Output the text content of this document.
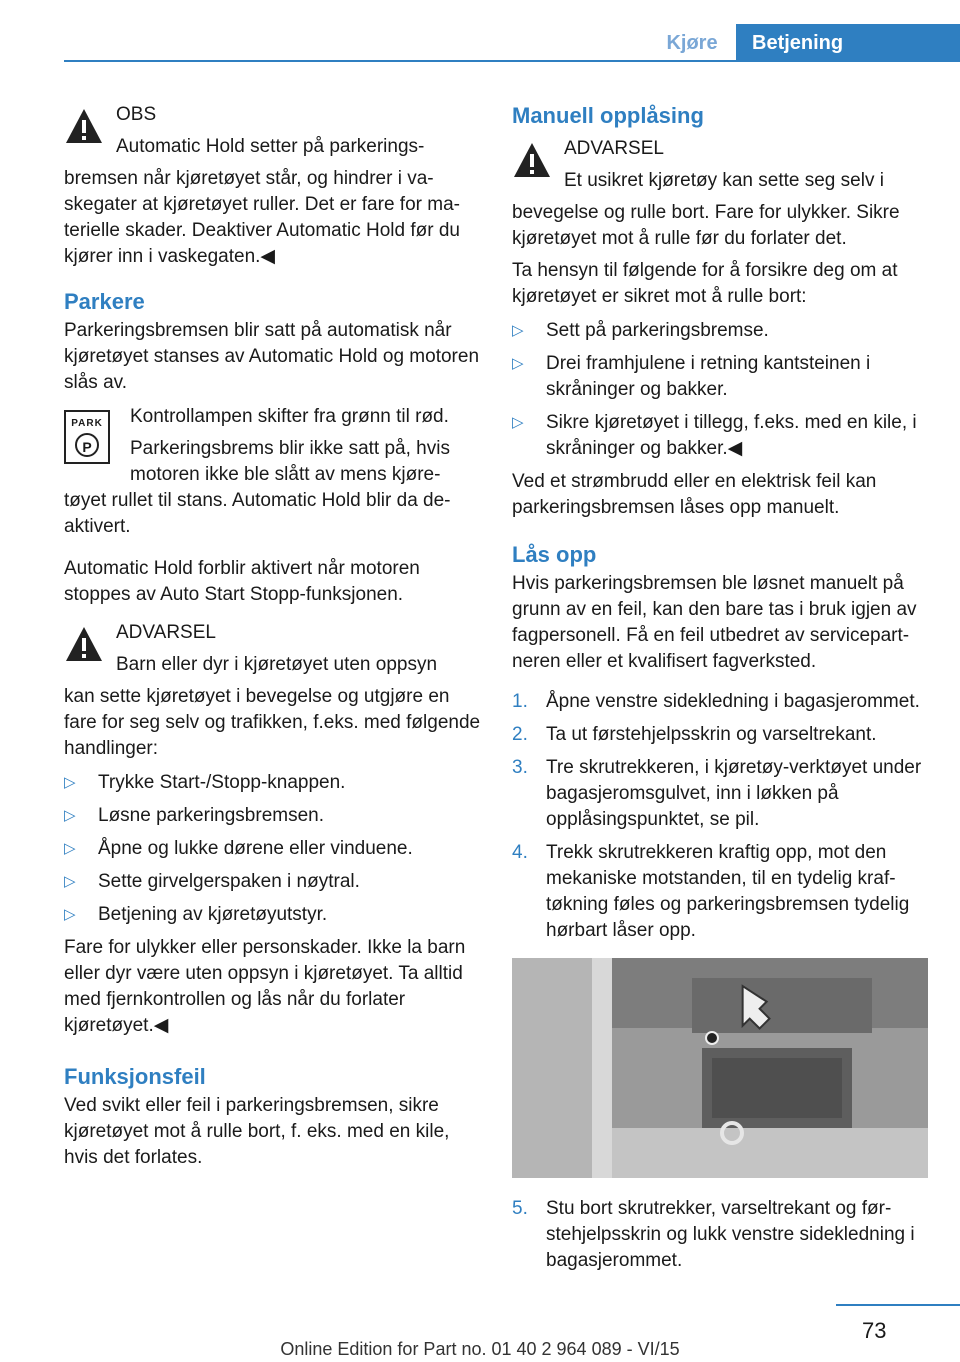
Kjøre	Betjening

OBS

Automatic Hold setter på parkerings-

bremsen når kjøretøyet står, og hindrer i vaskegater at kjøretøyet ruller. Det er fare for materielle skader. Deaktiver Automatic Hold før du kjører inn i vaskegaten.◀

Parkere

Parkeringsbremsen blir satt på automatisk når kjøretøyet stanses av Automatic Hold og motoren slås av.

PARK
P

Kontrollampen skifter fra grønn til rød.

Parkeringsbrems blir ikke satt på, hvis

motoren ikke ble slått av mens kjøre-

tøyet rullet til stans. Automatic Hold blir da deaktivert.

Automatic Hold forblir aktivert når motoren stoppes av Auto Start Stopp-funksjonen.

ADVARSEL

Barn eller dyr i kjøretøyet uten oppsyn

kan sette kjøretøyet i bevegelse og utgjøre en fare for seg selv og trafikken, f.eks. med følgende handlinger:

▷ Trykke Start-/Stopp-knappen.
▷ Løsne parkeringsbremsen.
▷ Åpne og lukke dørene eller vinduene.
▷ Sette girvelgerspaken i nøytral.
▷ Betjening av kjøretøyutstyr.

Fare for ulykker eller personskader. Ikke la barn eller dyr være uten oppsyn i kjøretøyet. Ta alltid med fjernkontrollen og lås når du forlater kjøretøyet.◀

Funksjonsfeil

Ved svikt eller feil i parkeringsbremsen, sikre kjøretøyet mot å rulle bort, f. eks. med en kile, hvis det forlates.

Manuell opplåsing

ADVARSEL

Et usikret kjøretøy kan sette seg selv i

bevegelse og rulle bort. Fare for ulykker. Sikre kjøretøyet mot å rulle før du forlater det.

Ta hensyn til følgende for å forsikre deg om at kjøretøyet er sikret mot å rulle bort:

▷ Sett på parkeringsbremse.
▷ Drei framhjulene i retning kantsteinen i skråninger og bakker.
▷ Sikre kjøretøyet i tillegg, f.eks. med en kile, i skråninger og bakker.◀

Ved et strømbrudd eller en elektrisk feil kan parkeringsbremsen låses opp manuelt.

Lås opp

Hvis parkeringsbremsen ble løsnet manuelt på grunn av en feil, kan den bare tas i bruk igjen av fagpersonell. Få en feil utbedret av servicepartneren eller et kvalifisert fagverksted.

1. Åpne venstre sidekledning i bagasjerommet.
2. Ta ut førstehjelpsskrin og varseltrekant.
3. Tre skrutrekkeren, i kjøretøy-verktøyet under bagasjeromsgulvet, inn i løkken på opplåsingspunktet, se pil.
4. Trekk skrutrekkeren kraftig opp, mot den mekaniske motstanden, til en tydelig kraftøkning føles og parkeringsbremsen tydelig hørbart låser opp.
5. Stu bort skrutrekker, varseltrekant og førstehjelpsskrin og lukk venstre sidekledning i bagasjerommet.
73
Online Edition for Part no. 01 40 2 964 089 - VI/15
